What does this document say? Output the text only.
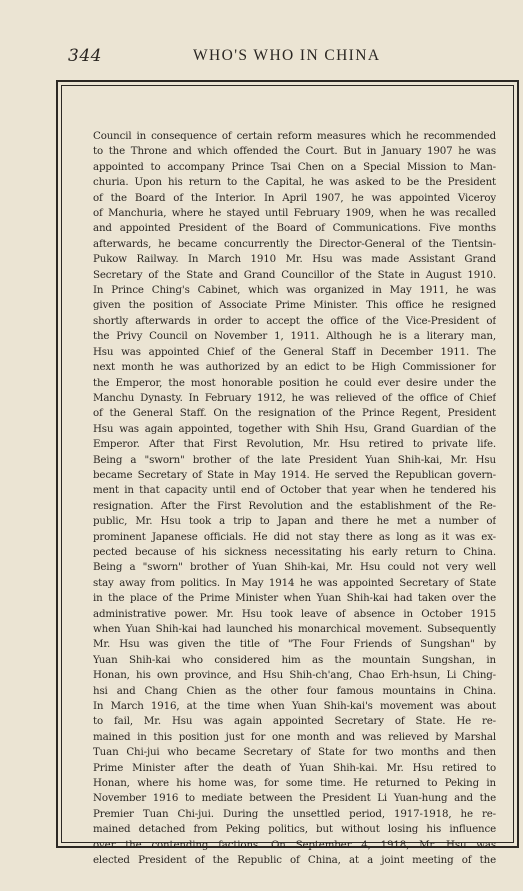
344	WHO'S WHO IN CHINA
Council in consequence of certain reform measures which he recommended
to the Throne and which offended the Court. But in January 1907 he was
appointed to accompany Prince Tsai Chen on a Special Mission to Man-
churia. Upon his return to the Capital, he was asked to be the President
of the Board of the Interior. In April 1907, he was appointed Viceroy
of Manchuria, where he stayed until February 1909, when he was recalled
and appointed President of the Board of Communications. Five months
afterwards, he became concurrently the Director-General of the Tientsin-
Pukow Railway. In March 1910 Mr. Hsu was made Assistant Grand
Secretary of the State and Grand Councillor of the State in August 1910.
In Prince Ching's Cabinet, which was organized in May 1911, he was
given the position of Associate Prime Minister. This office he resigned
shortly afterwards in order to accept the office of the Vice-President of
the Privy Council on November 1, 1911. Although he is a literary man,
Hsu was appointed Chief of the General Staff in December 1911. The
next month he was authorized by an edict to be High Commissioner for
the Emperor, the most honorable position he could ever desire under the
Manchu Dynasty. In February 1912, he was relieved of the office of Chief
of the General Staff. On the resignation of the Prince Regent, President
Hsu was again appointed, together with Shih Hsu, Grand Guardian of the
Emperor. After that First Revolution, Mr. Hsu retired to private life.
Being a "sworn" brother of the late President Yuan Shih-kai, Mr. Hsu
became Secretary of State in May 1914. He served the Republican govern-
ment in that capacity until end of October that year when he tendered his
resignation. After the First Revolution and the establishment of the Re-
public, Mr. Hsu took a trip to Japan and there he met a number of
prominent Japanese officials. He did not stay there as long as it was ex-
pected because of his sickness necessitating his early return to China.
Being a "sworn" brother of Yuan Shih-kai, Mr. Hsu could not very well
stay away from politics. In May 1914 he was appointed Secretary of State
in the place of the Prime Minister when Yuan Shih-kai had taken over the
administrative power. Mr. Hsu took leave of absence in October 1915
when Yuan Shih-kai had launched his monarchical movement. Subsequently
Mr. Hsu was given the title of "The Four Friends of Sungshan" by
Yuan Shih-kai who considered him as the mountain Sungshan, in
Honan, his own province, and Hsu Shih-ch'ang, Chao Erh-hsun, Li Ching-
hsi and Chang Chien as the other four famous mountains in China.
In March 1916, at the time when Yuan Shih-kai's movement was about
to fail, Mr. Hsu was again appointed Secretary of State. He re-
mained in this position just for one month and was relieved by Marshal
Tuan Chi-jui who became Secretary of State for two months and then
Prime Minister after the death of Yuan Shih-kai. Mr. Hsu retired to
Honan, where his home was, for some time. He returned to Peking in
November 1916 to mediate between the President Li Yuan-hung and the
Premier Tuan Chi-jui. During the unsettled period, 1917-1918, he re-
mained detached from Peking politics, but without losing his influence
over the contending factions. On September 4, 1918, Mr. Hsu was
elected President of the Republic of China, at a joint meeting of the
